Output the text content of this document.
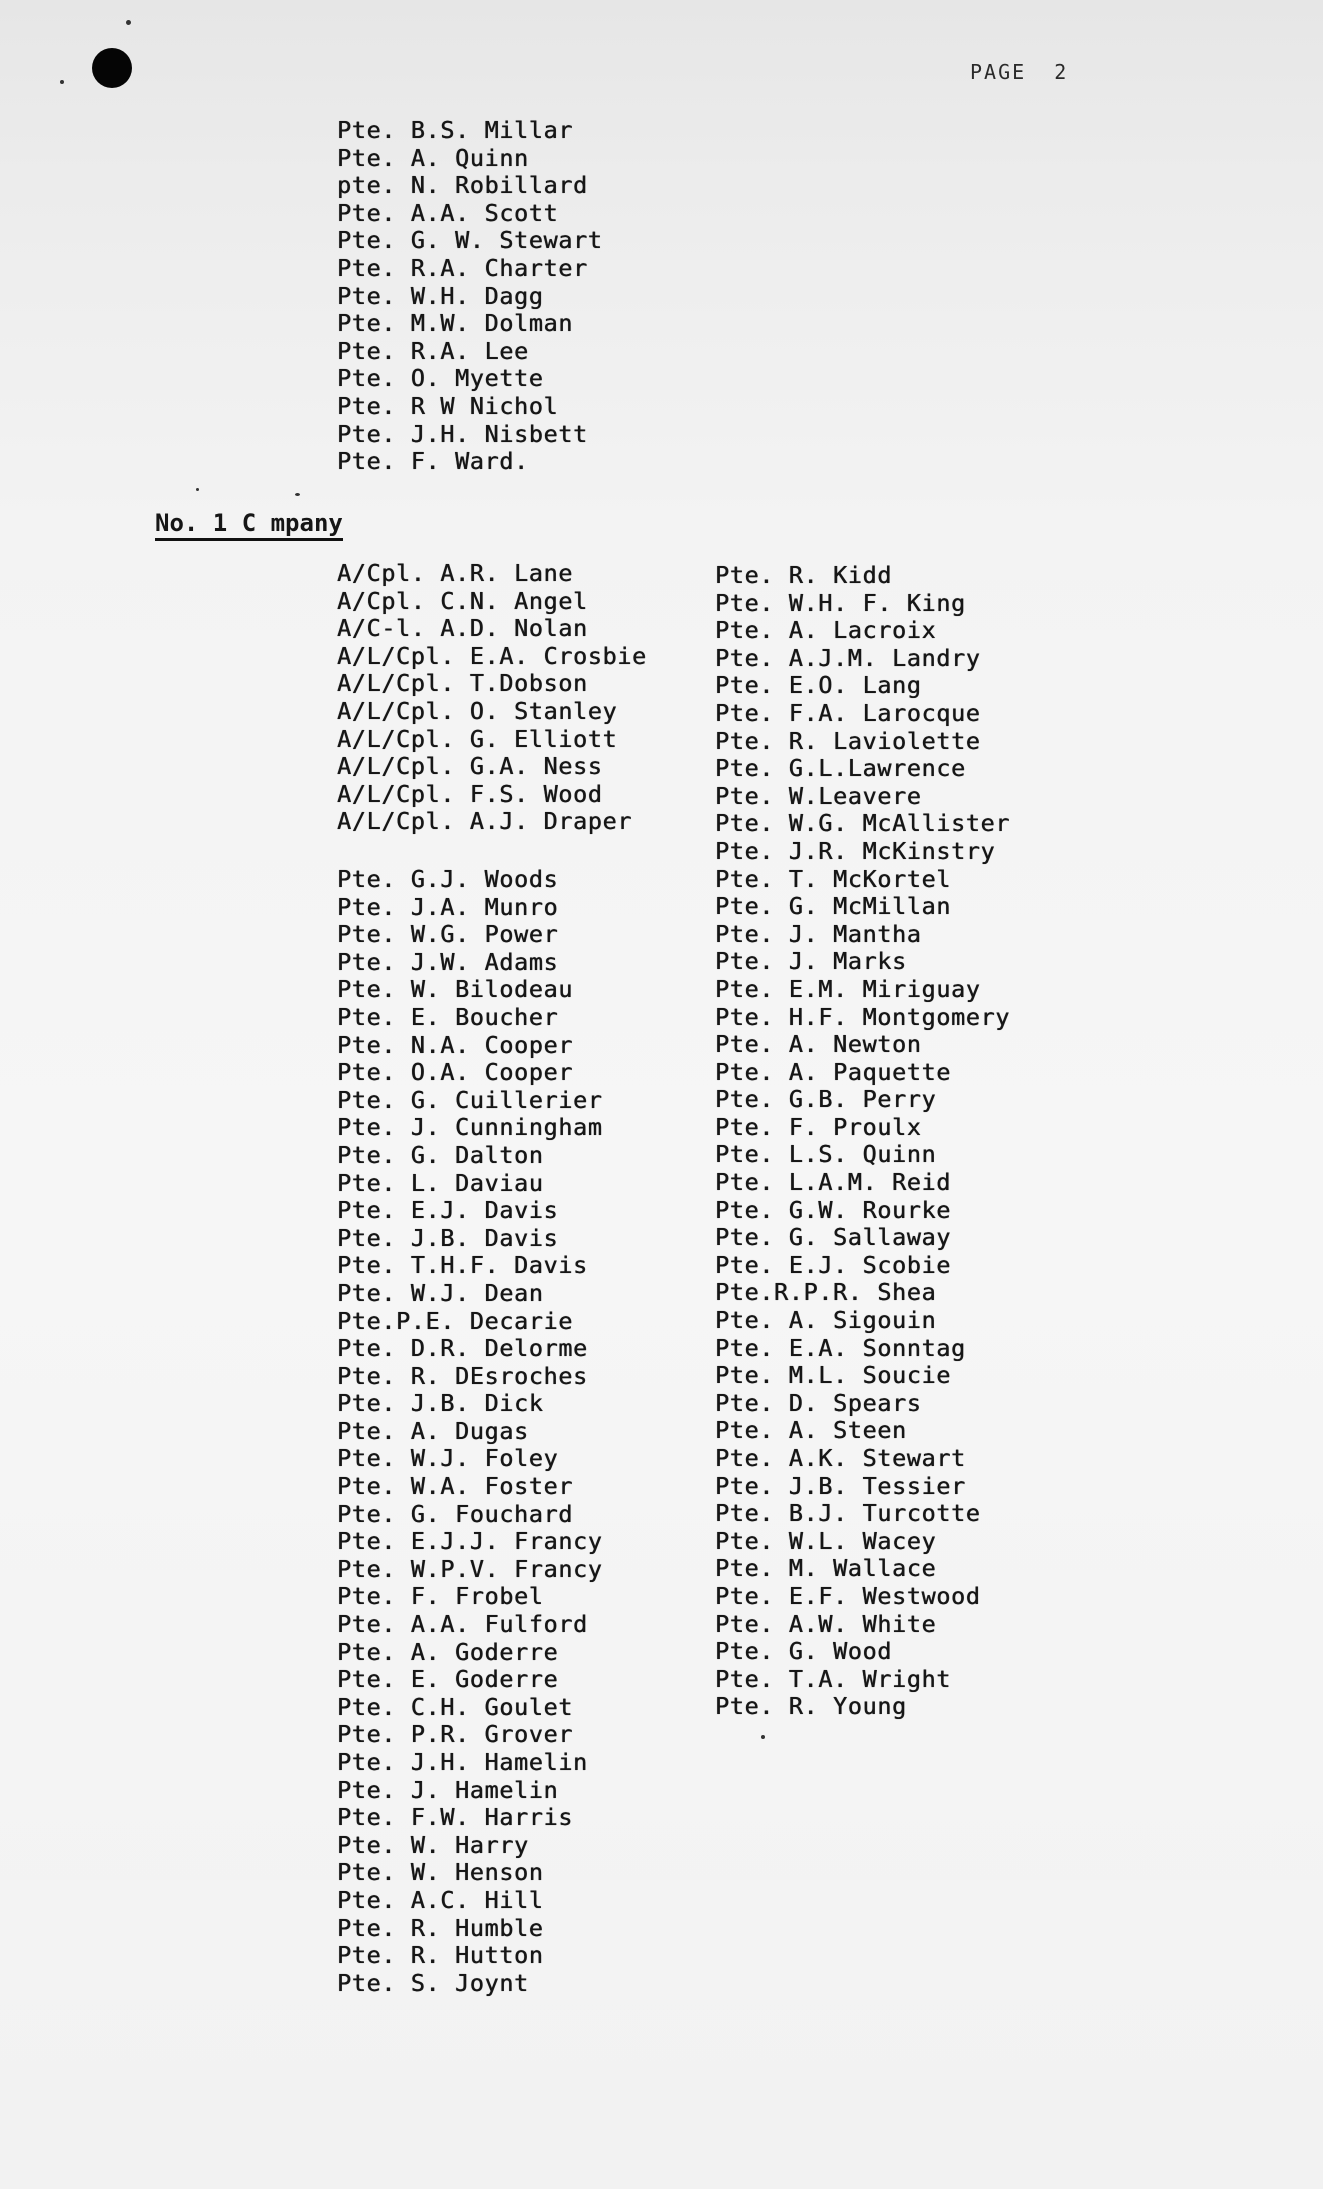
PAGE  2
Pte. B.S. Millar
Pte. A. Quinn
pte. N. Robillard
Pte. A.A. Scott
Pte. G. W. Stewart
Pte. R.A. Charter
Pte. W.H. Dagg
Pte. M.W. Dolman
Pte. R.A. Lee
Pte. O. Myette
Pte. R W Nichol
Pte. J.H. Nisbett
Pte. F. Ward.
No. 1 C mpany
A/Cpl. A.R. Lane
A/Cpl. C.N. Angel
A/C-l. A.D. Nolan
A/L/Cpl. E.A. Crosbie
A/L/Cpl. T.Dobson
A/L/Cpl. O. Stanley
A/L/Cpl. G. Elliott
A/L/Cpl. G.A. Ness
A/L/Cpl. F.S. Wood
A/L/Cpl. A.J. Draper
Pte. G.J. Woods
Pte. J.A. Munro
Pte. W.G. Power
Pte. J.W. Adams
Pte. W. Bilodeau
Pte. E. Boucher
Pte. N.A. Cooper
Pte. O.A. Cooper
Pte. G. Cuillerier
Pte. J. Cunningham
Pte. G. Dalton
Pte. L. Daviau
Pte. E.J. Davis
Pte. J.B. Davis
Pte. T.H.F. Davis
Pte. W.J. Dean
Pte.P.E. Decarie
Pte. D.R. Delorme
Pte. R. DEsroches
Pte. J.B. Dick
Pte. A. Dugas
Pte. W.J. Foley
Pte. W.A. Foster
Pte. G. Fouchard
Pte. E.J.J. Francy
Pte. W.P.V. Francy
Pte. F. Frobel
Pte. A.A. Fulford
Pte. A. Goderre
Pte. E. Goderre
Pte. C.H. Goulet
Pte. P.R. Grover
Pte. J.H. Hamelin
Pte. J. Hamelin
Pte. F.W. Harris
Pte. W. Harry
Pte. W. Henson
Pte. A.C. Hill
Pte. R. Humble
Pte. R. Hutton
Pte. S. Joynt
Pte. R. Kidd
Pte. W.H. F. King
Pte. A. Lacroix
Pte. A.J.M. Landry
Pte. E.O. Lang
Pte. F.A. Larocque
Pte. R. Laviolette
Pte. G.L.Lawrence
Pte. W.Leavere
Pte. W.G. McAllister
Pte. J.R. McKinstry
Pte. T. McKortel
Pte. G. McMillan
Pte. J. Mantha
Pte. J. Marks
Pte. E.M. Miriguay
Pte. H.F. Montgomery
Pte. A. Newton
Pte. A. Paquette
Pte. G.B. Perry
Pte. F. Proulx
Pte. L.S. Quinn
Pte. L.A.M. Reid
Pte. G.W. Rourke
Pte. G. Sallaway
Pte. E.J. Scobie
Pte.R.P.R. Shea
Pte. A. Sigouin
Pte. E.A. Sonntag
Pte. M.L. Soucie
Pte. D. Spears
Pte. A. Steen
Pte. A.K. Stewart
Pte. J.B. Tessier
Pte. B.J. Turcotte
Pte. W.L. Wacey
Pte. M. Wallace
Pte. E.F. Westwood
Pte. A.W. White
Pte. G. Wood
Pte. T.A. Wright
Pte. R. Young
